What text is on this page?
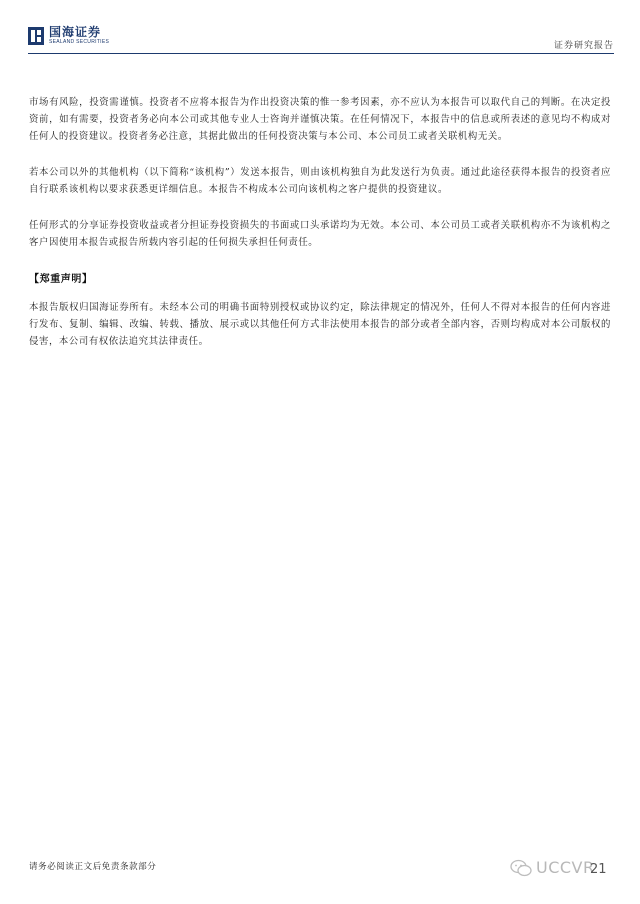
国海证券
SEALAND SECURITIES	证券研究报告

市场有风险，投资需谨慎。投资者不应将本报告为作出投资决策的惟一参考因素，亦不应认为本报告可以取代自己的判断。在决定投资前，如有需要，投资者务必向本公司或其他专业人士咨询并谨慎决策。在任何情况下，本报告中的信息或所表述的意见均不构成对任何人的投资建议。投资者务必注意，其据此做出的任何投资决策与本公司、本公司员工或者关联机构无关。

若本公司以外的其他机构（以下简称“该机构”）发送本报告，则由该机构独自为此发送行为负责。通过此途径获得本报告的投资者应自行联系该机构以要求获悉更详细信息。本报告不构成本公司向该机构之客户提供的投资建议。

任何形式的分享证券投资收益或者分担证券投资损失的书面或口头承诺均为无效。本公司、本公司员工或者关联机构亦不为该机构之客户因使用本报告或报告所载内容引起的任何损失承担任何责任。

【郑重声明】

本报告版权归国海证券所有。未经本公司的明确书面特别授权或协议约定，除法律规定的情况外，任何人不得对本报告的任何内容进行发布、复制、编辑、改编、转载、播放、展示或以其他任何方式非法使用本报告的部分或者全部内容，否则均构成对本公司版权的侵害，本公司有权依法追究其法律责任。

请务必阅读正文后免责条款部分	UCCVR
21
